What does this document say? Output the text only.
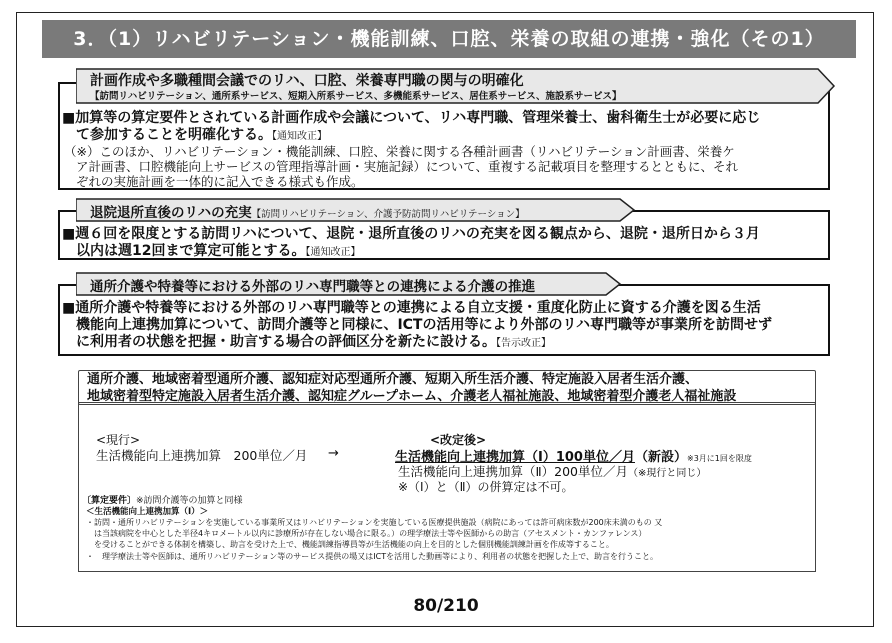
3．（1）リハビリテーション・機能訓練、口腔、栄養の取組の連携・強化（その1）
計画作成や多職種間会議でのリハ、口腔、栄養専門職の関与の明確化
【訪問リハビリテーション、通所系サービス、短期入所系サービス、多機能系サービス、居住系サービス、施設系サービス】
■加算等の算定要件とされている計画作成や会議について、リハ専門職、管理栄養士、歯科衛生士が必要に応じ
て参加することを明確化する。【通知改正】
（※）このほか、リハビリテーション・機能訓練、口腔、栄養に関する各種計画書（リハビリテーション計画書、栄養ケ
ア計画書、口腔機能向上サービスの管理指導計画・実施記録）について、重複する記載項目を整理するとともに、それ
ぞれの実施計画を一体的に記入できる様式も作成。
退院退所直後のリハの充実【訪問リハビリテーション、介護予防訪問リハビリテーション】
■週６回を限度とする訪問リハについて、退院・退所直後のリハの充実を図る観点から、退院・退所日から３月
以内は週12回まで算定可能とする。【通知改正】
通所介護や特養等における外部のリハ専門職等との連携による介護の推進
■通所介護や特養等における外部のリハ専門職等との連携による自立支援・重度化防止に資する介護を図る生活
機能向上連携加算について、訪問介護等と同様に、ICTの活用等により外部のリハ専門職等が事業所を訪問せず
に利用者の状態を把握・助言する場合の評価区分を新たに設ける。【告示改正】
通所介護、地域密着型通所介護、認知症対応型通所介護、短期入所生活介護、特定施設入居者生活介護、
地域密着型特定施設入居者生活介護、認知症グループホーム、介護老人福祉施設、地域密着型介護老人福祉施設
<現行>
生活機能向上連携加算　200単位／月 →
<改定後>
生活機能向上連携加算（Ⅰ）100単位／月（新設）※3月に1回を限度
生活機能向上連携加算（Ⅱ）200単位／月（※現行と同じ）
※（Ⅰ）と（Ⅱ）の併算定は不可。
〔算定要件〕※訪問介護等の加算と同様
＜生活機能向上連携加算（Ⅰ）＞
・訪問・通所リハビリテーションを実施している事業所又はリハビリテーションを実施している医療提供施設（病院にあっては許可病床数が200床未満のもの 又
は当該病院を中心とした半径4キロメートル以内に診療所が存在しない場合に限る。）の理学療法士等や医師からの助言（アセスメント・カンファレンス）
を受けることができる体制を構築し、助言を受けた上で、機能訓練指導員等が生活機能の向上を目的とした個別機能訓練計画を作成等すること。
・　理学療法士等や医師は、通所リハビリテーション等のサービス提供の場又はICTを活用した動画等により、利用者の状態を把握した上で、助言を行うこと。
80/210
